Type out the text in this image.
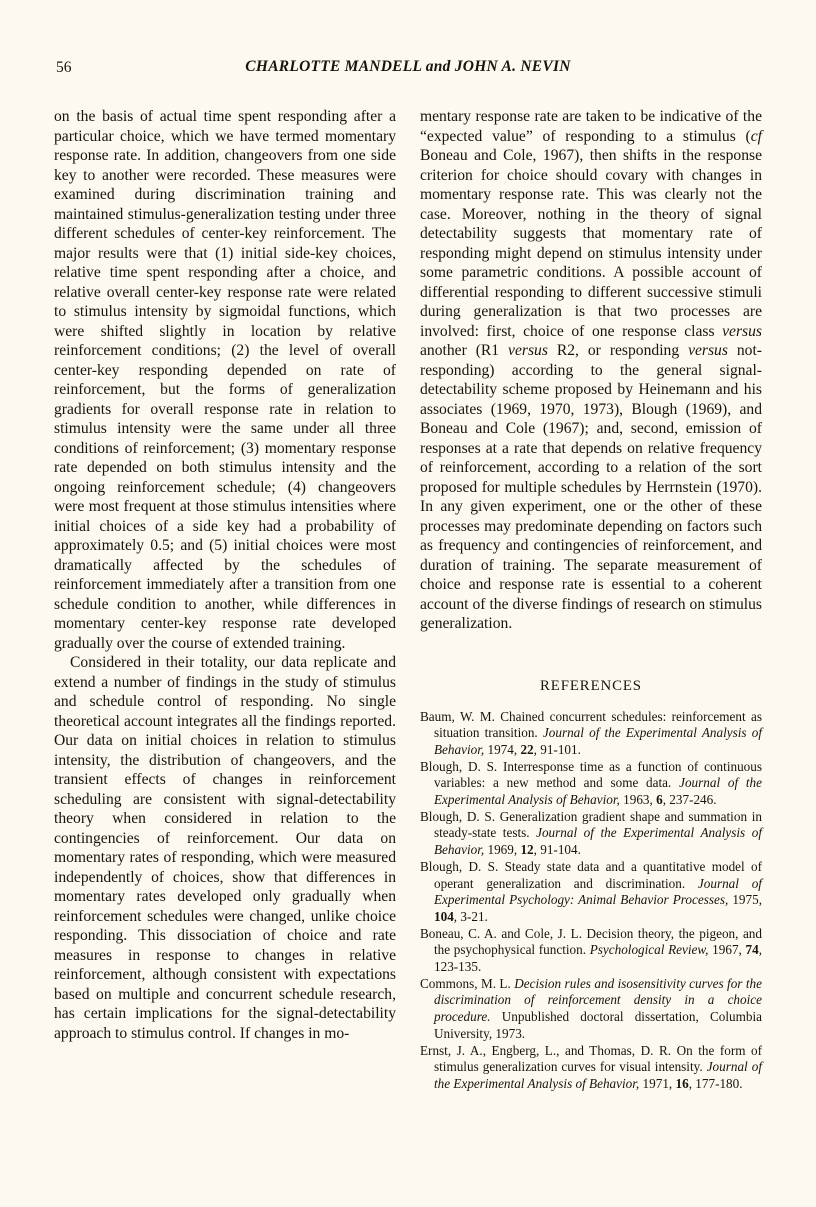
56	CHARLOTTE MANDELL and JOHN A. NEVIN

on the basis of actual time spent responding after a particular choice, which we have termed momentary response rate. In addition, changeovers from one side key to another were recorded. These measures were examined during discrimination training and maintained stimulus-generalization testing under three different schedules of center-key reinforcement. The major results were that (1) initial side-key choices, relative time spent responding after a choice, and relative overall center-key response rate were related to stimulus intensity by sigmoidal functions, which were shifted slightly in location by relative reinforcement conditions; (2) the level of overall center-key responding depended on rate of reinforcement, but the forms of generalization gradients for overall response rate in relation to stimulus intensity were the same under all three conditions of reinforcement; (3) momentary response rate depended on both stimulus intensity and the ongoing reinforcement schedule; (4) changeovers were most frequent at those stimulus intensities where initial choices of a side key had a probability of approximately 0.5; and (5) initial choices were most dramatically affected by the schedules of reinforcement immediately after a transition from one schedule condition to another, while differences in momentary center-key response rate developed gradually over the course of extended training.

Considered in their totality, our data replicate and extend a number of findings in the study of stimulus and schedule control of responding. No single theoretical account integrates all the findings reported. Our data on initial choices in relation to stimulus intensity, the distribution of changeovers, and the transient effects of changes in reinforcement scheduling are consistent with signal-detectability theory when considered in relation to the contingencies of reinforcement. Our data on momentary rates of responding, which were measured independently of choices, show that differences in momentary rates developed only gradually when reinforcement schedules were changed, unlike choice responding. This dissociation of choice and rate measures in response to changes in relative reinforcement, although consistent with expectations based on multiple and concurrent schedule research, has certain implications for the signal-detectability approach to stimulus control. If changes in mo-

mentary response rate are taken to be indicative of the “expected value” of responding to a stimulus (cf Boneau and Cole, 1967), then shifts in the response criterion for choice should covary with changes in momentary response rate. This was clearly not the case. Moreover, nothing in the theory of signal detectability suggests that momentary rate of responding might depend on stimulus intensity under some parametric conditions. A possible account of differential responding to different successive stimuli during generalization is that two processes are involved: first, choice of one response class versus another (R1 versus R2, or responding versus not-responding) according to the general signal-detectability scheme proposed by Heinemann and his associates (1969, 1970, 1973), Blough (1969), and Boneau and Cole (1967); and, second, emission of responses at a rate that depends on relative frequency of reinforcement, according to a relation of the sort proposed for multiple schedules by Herrnstein (1970). In any given experiment, one or the other of these processes may predominate depending on factors such as frequency and contingencies of reinforcement, and duration of training. The separate measurement of choice and response rate is essential to a coherent account of the diverse findings of research on stimulus generalization.

REFERENCES

Baum, W. M. Chained concurrent schedules: reinforcement as situation transition. Journal of the Experimental Analysis of Behavior, 1974, 22, 91-101.

Blough, D. S. Interresponse time as a function of continuous variables: a new method and some data. Journal of the Experimental Analysis of Behavior, 1963, 6, 237-246.

Blough, D. S. Generalization gradient shape and summation in steady-state tests. Journal of the Experimental Analysis of Behavior, 1969, 12, 91-104.

Blough, D. S. Steady state data and a quantitative model of operant generalization and discrimination. Journal of Experimental Psychology: Animal Behavior Processes, 1975, 104, 3-21.

Boneau, C. A. and Cole, J. L. Decision theory, the pigeon, and the psychophysical function. Psychological Review, 1967, 74, 123-135.

Commons, M. L. Decision rules and isosensitivity curves for the discrimination of reinforcement density in a choice procedure. Unpublished doctoral dissertation, Columbia University, 1973.

Ernst, J. A., Engberg, L., and Thomas, D. R. On the form of stimulus generalization curves for visual intensity. Journal of the Experimental Analysis of Behavior, 1971, 16, 177-180.
